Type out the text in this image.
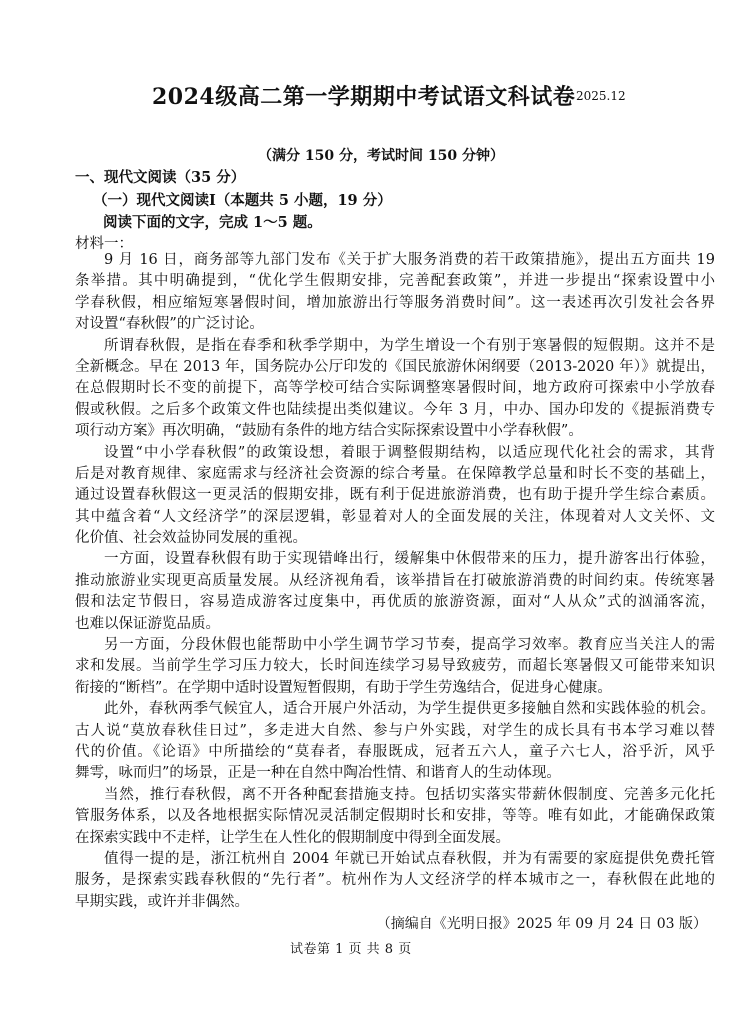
2024级高二第一学期期中考试语文科试卷 2025.12
（满分 150 分，考试时间 150 分钟）
一、现代文阅读（35 分）
（一）现代文阅读Ⅰ（本题共 5 小题，19 分）
阅读下面的文字，完成 1～5 题。
材料一：
9 月 16 日，商务部等九部门发布《关于扩大服务消费的若干政策措施》，提出五方面共 19
条举措。其中明确提到，“优化学生假期安排，完善配套政策”，并进一步提出“探索设置中小
学春秋假，相应缩短寒暑假时间，增加旅游出行等服务消费时间”。这一表述再次引发社会各界
对设置“春秋假”的广泛讨论。
所谓春秋假，是指在春季和秋季学期中，为学生增设一个有别于寒暑假的短假期。这并不是
全新概念。早在 2013 年，国务院办公厅印发的《国民旅游休闲纲要（2013-2020 年）》就提出，
在总假期时长不变的前提下，高等学校可结合实际调整寒暑假时间，地方政府可探索中小学放春
假或秋假。之后多个政策文件也陆续提出类似建议。今年 3 月，中办、国办印发的《提振消费专
项行动方案》再次明确，“鼓励有条件的地方结合实际探索设置中小学春秋假”。
设置“中小学春秋假”的政策设想，着眼于调整假期结构，以适应现代化社会的需求，其背
后是对教育规律、家庭需求与经济社会资源的综合考量。在保障教学总量和时长不变的基础上，
通过设置春秋假这一更灵活的假期安排，既有利于促进旅游消费，也有助于提升学生综合素质。
其中蕴含着“人文经济学”的深层逻辑，彰显着对人的全面发展的关注，体现着对人文关怀、文
化价值、社会效益协同发展的重视。
一方面，设置春秋假有助于实现错峰出行，缓解集中休假带来的压力，提升游客出行体验，
推动旅游业实现更高质量发展。从经济视角看，该举措旨在打破旅游消费的时间约束。传统寒暑
假和法定节假日，容易造成游客过度集中，再优质的旅游资源，面对“人从众”式的汹涌客流，
也难以保证游览品质。
另一方面，分段休假也能帮助中小学生调节学习节奏，提高学习效率。教育应当关注人的需
求和发展。当前学生学习压力较大，长时间连续学习易导致疲劳，而超长寒暑假又可能带来知识
衔接的“断档”。在学期中适时设置短暂假期，有助于学生劳逸结合，促进身心健康。
此外，春秋两季气候宜人，适合开展户外活动，为学生提供更多接触自然和实践体验的机会。
古人说“莫放春秋佳日过”，多走进大自然、参与户外实践，对学生的成长具有书本学习难以替
代的价值。《论语》中所描绘的“莫春者，春服既成，冠者五六人，童子六七人，浴乎沂，风乎
舞雩，咏而归”的场景，正是一种在自然中陶冶性情、和谐育人的生动体现。
当然，推行春秋假，离不开各种配套措施支持。包括切实落实带薪休假制度、完善多元化托
管服务体系，以及各地根据实际情况灵活制定假期时长和安排，等等。唯有如此，才能确保政策
在探索实践中不走样，让学生在人性化的假期制度中得到全面发展。
值得一提的是，浙江杭州自 2004 年就已开始试点春秋假，并为有需要的家庭提供免费托管
服务，是探索实践春秋假的“先行者”。杭州作为人文经济学的样本城市之一，春秋假在此地的
早期实践，或许并非偶然。
（摘编自《光明日报》2025 年 09 月 24 日 03 版）
试卷第 1 页 共 8 页
